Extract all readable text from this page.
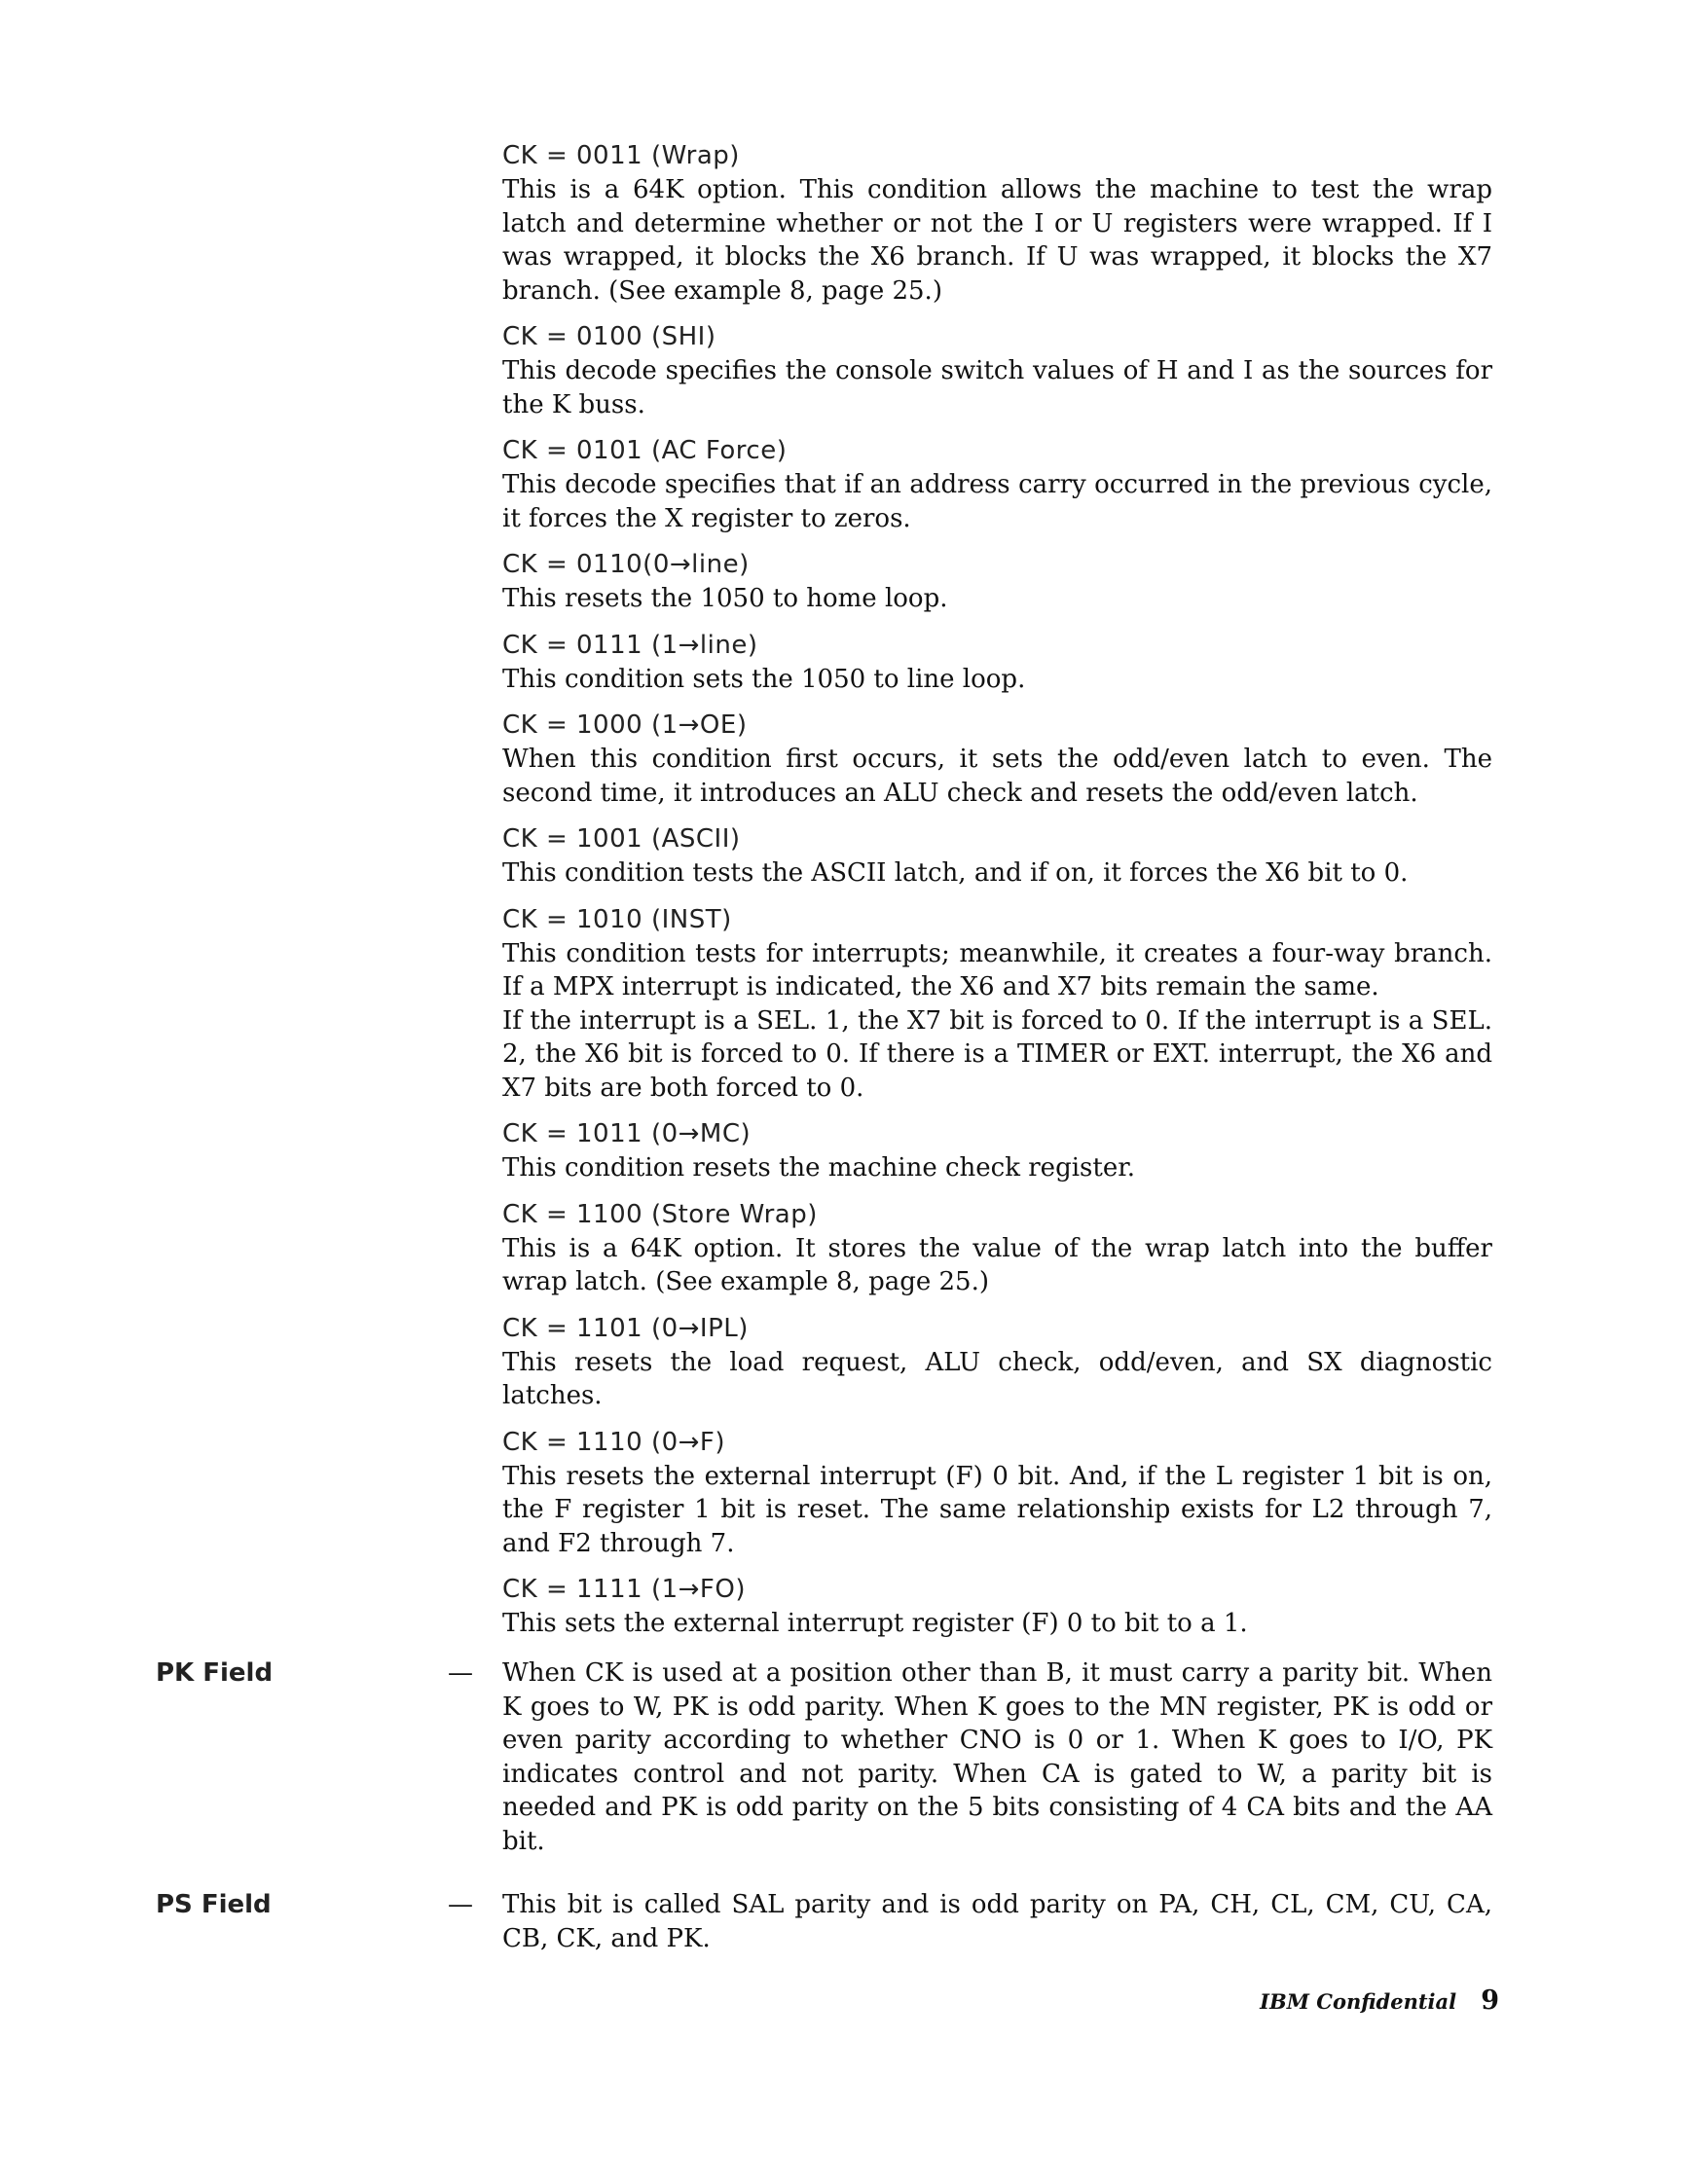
CK = 0011 (Wrap)
This is a 64K option. This condition allows the machine to test the wrap latch and determine whether or not the I or U registers were wrapped. If I was wrapped, it blocks the X6 branch. If U was wrapped, it blocks the X7 branch. (See example 8, page 25.)
CK = 0100 (SHI)
This decode specifies the console switch values of H and I as the sources for the K buss.
CK = 0101 (AC Force)
This decode specifies that if an address carry occurred in the previous cycle, it forces the X register to zeros.
CK = 0110(0→line)
This resets the 1050 to home loop.
CK = 0111 (1→line)
This condition sets the 1050 to line loop.
CK = 1000 (1→OE)
When this condition first occurs, it sets the odd/even latch to even. The second time, it introduces an ALU check and resets the odd/even latch.
CK = 1001 (ASCII)
This condition tests the ASCII latch, and if on, it forces the X6 bit to 0.
CK = 1010 (INST)
This condition tests for interrupts; meanwhile, it creates a four-way branch. If a MPX interrupt is indicated, the X6 and X7 bits remain the same.
If the interrupt is a SEL. 1, the X7 bit is forced to 0. If the interrupt is a SEL. 2, the X6 bit is forced to 0. If there is a TIMER or EXT. interrupt, the X6 and X7 bits are both forced to 0.
CK = 1011 (0→MC)
This condition resets the machine check register.
CK = 1100 (Store Wrap)
This is a 64K option. It stores the value of the wrap latch into the buffer wrap latch. (See example 8, page 25.)
CK = 1101 (0→IPL)
This resets the load request, ALU check, odd/even, and SX diagnostic latches.
CK = 1110 (0→F)
This resets the external interrupt (F) 0 bit. And, if the L register 1 bit is on, the F register 1 bit is reset. The same relationship exists for L2 through 7, and F2 through 7.
CK = 1111 (1→FO)
This sets the external interrupt register (F) 0 to bit to a 1.
PK Field	— When CK is used at a position other than B, it must carry a parity bit. When K goes to W, PK is odd parity. When K goes to the MN register, PK is odd or even parity according to whether CNO is 0 or 1. When K goes to I/O, PK indicates control and not parity. When CA is gated to W, a parity bit is needed and PK is odd parity on the 5 bits consisting of 4 CA bits and the AA bit.
PS Field	— This bit is called SAL parity and is odd parity on PA, CH, CL, CM, CU, CA, CB, CK, and PK.
IBM Confidential 9
